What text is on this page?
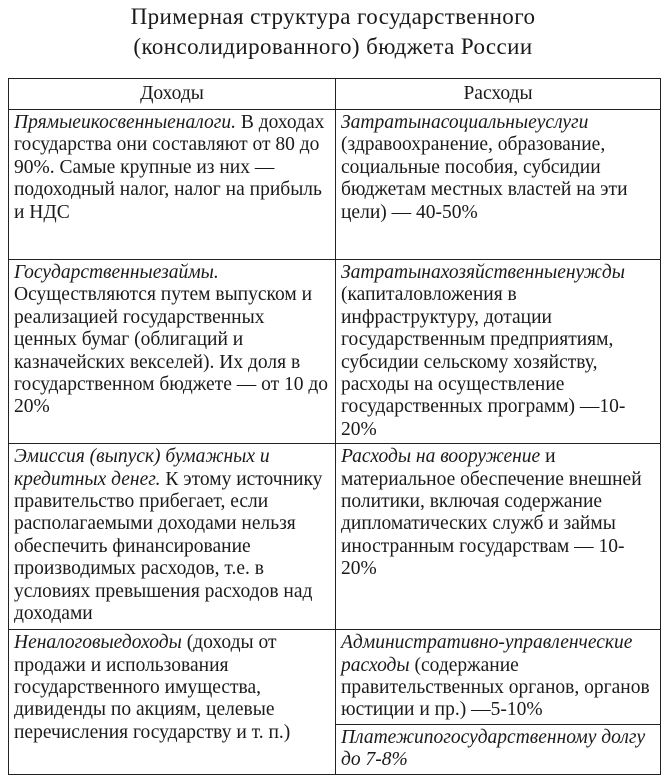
Примерная структура государственного
(консолидированного) бюджета России
Доходы	Расходы
Прямыеикосвенныеналоги. В доходах государства они составляют от 80 до 90%. Самые крупные из них — подоходный налог, налог на прибыль и НДС	Затратынасоциальныеуслуги (здравоохранение, образование, социальные пособия, субсидии бюджетам местных властей на эти цели) — 40-50%
Государственныезаймы. Осуществляются путем выпуском и реализацией государственных ценных бумаг (облигаций и казначейских векселей). Их доля в государственном бюджете — от 10 до 20%	Затратынахозяйственныенужды (капиталовложения в инфраструктуру, дотации государственным предприятиям, субсидии сельскому хозяйству, расходы на осуществление государственных программ) —10-20%
Эмиссия (выпуск) бумажных и кредитных денег. К этому источнику правительство прибегает, если располагаемыми доходами нельзя обеспечить финансирование производимых расходов, т.е. в условиях превышения расходов над доходами	Расходы на вооружение и материальное обеспечение внешней политики, включая содержание дипломатических служб и займы иностранным государствам — 10-20%
Неналоговыедоходы (доходы от продажи и использования государственного имущества, дивиденды по акциям, целевые перечисления государству и т. п.)	Административно-управленческие расходы (содержание правительственных органов, органов юстиции и пр.) —5-10%
	Платежипогосударственному долгу до 7-8%
